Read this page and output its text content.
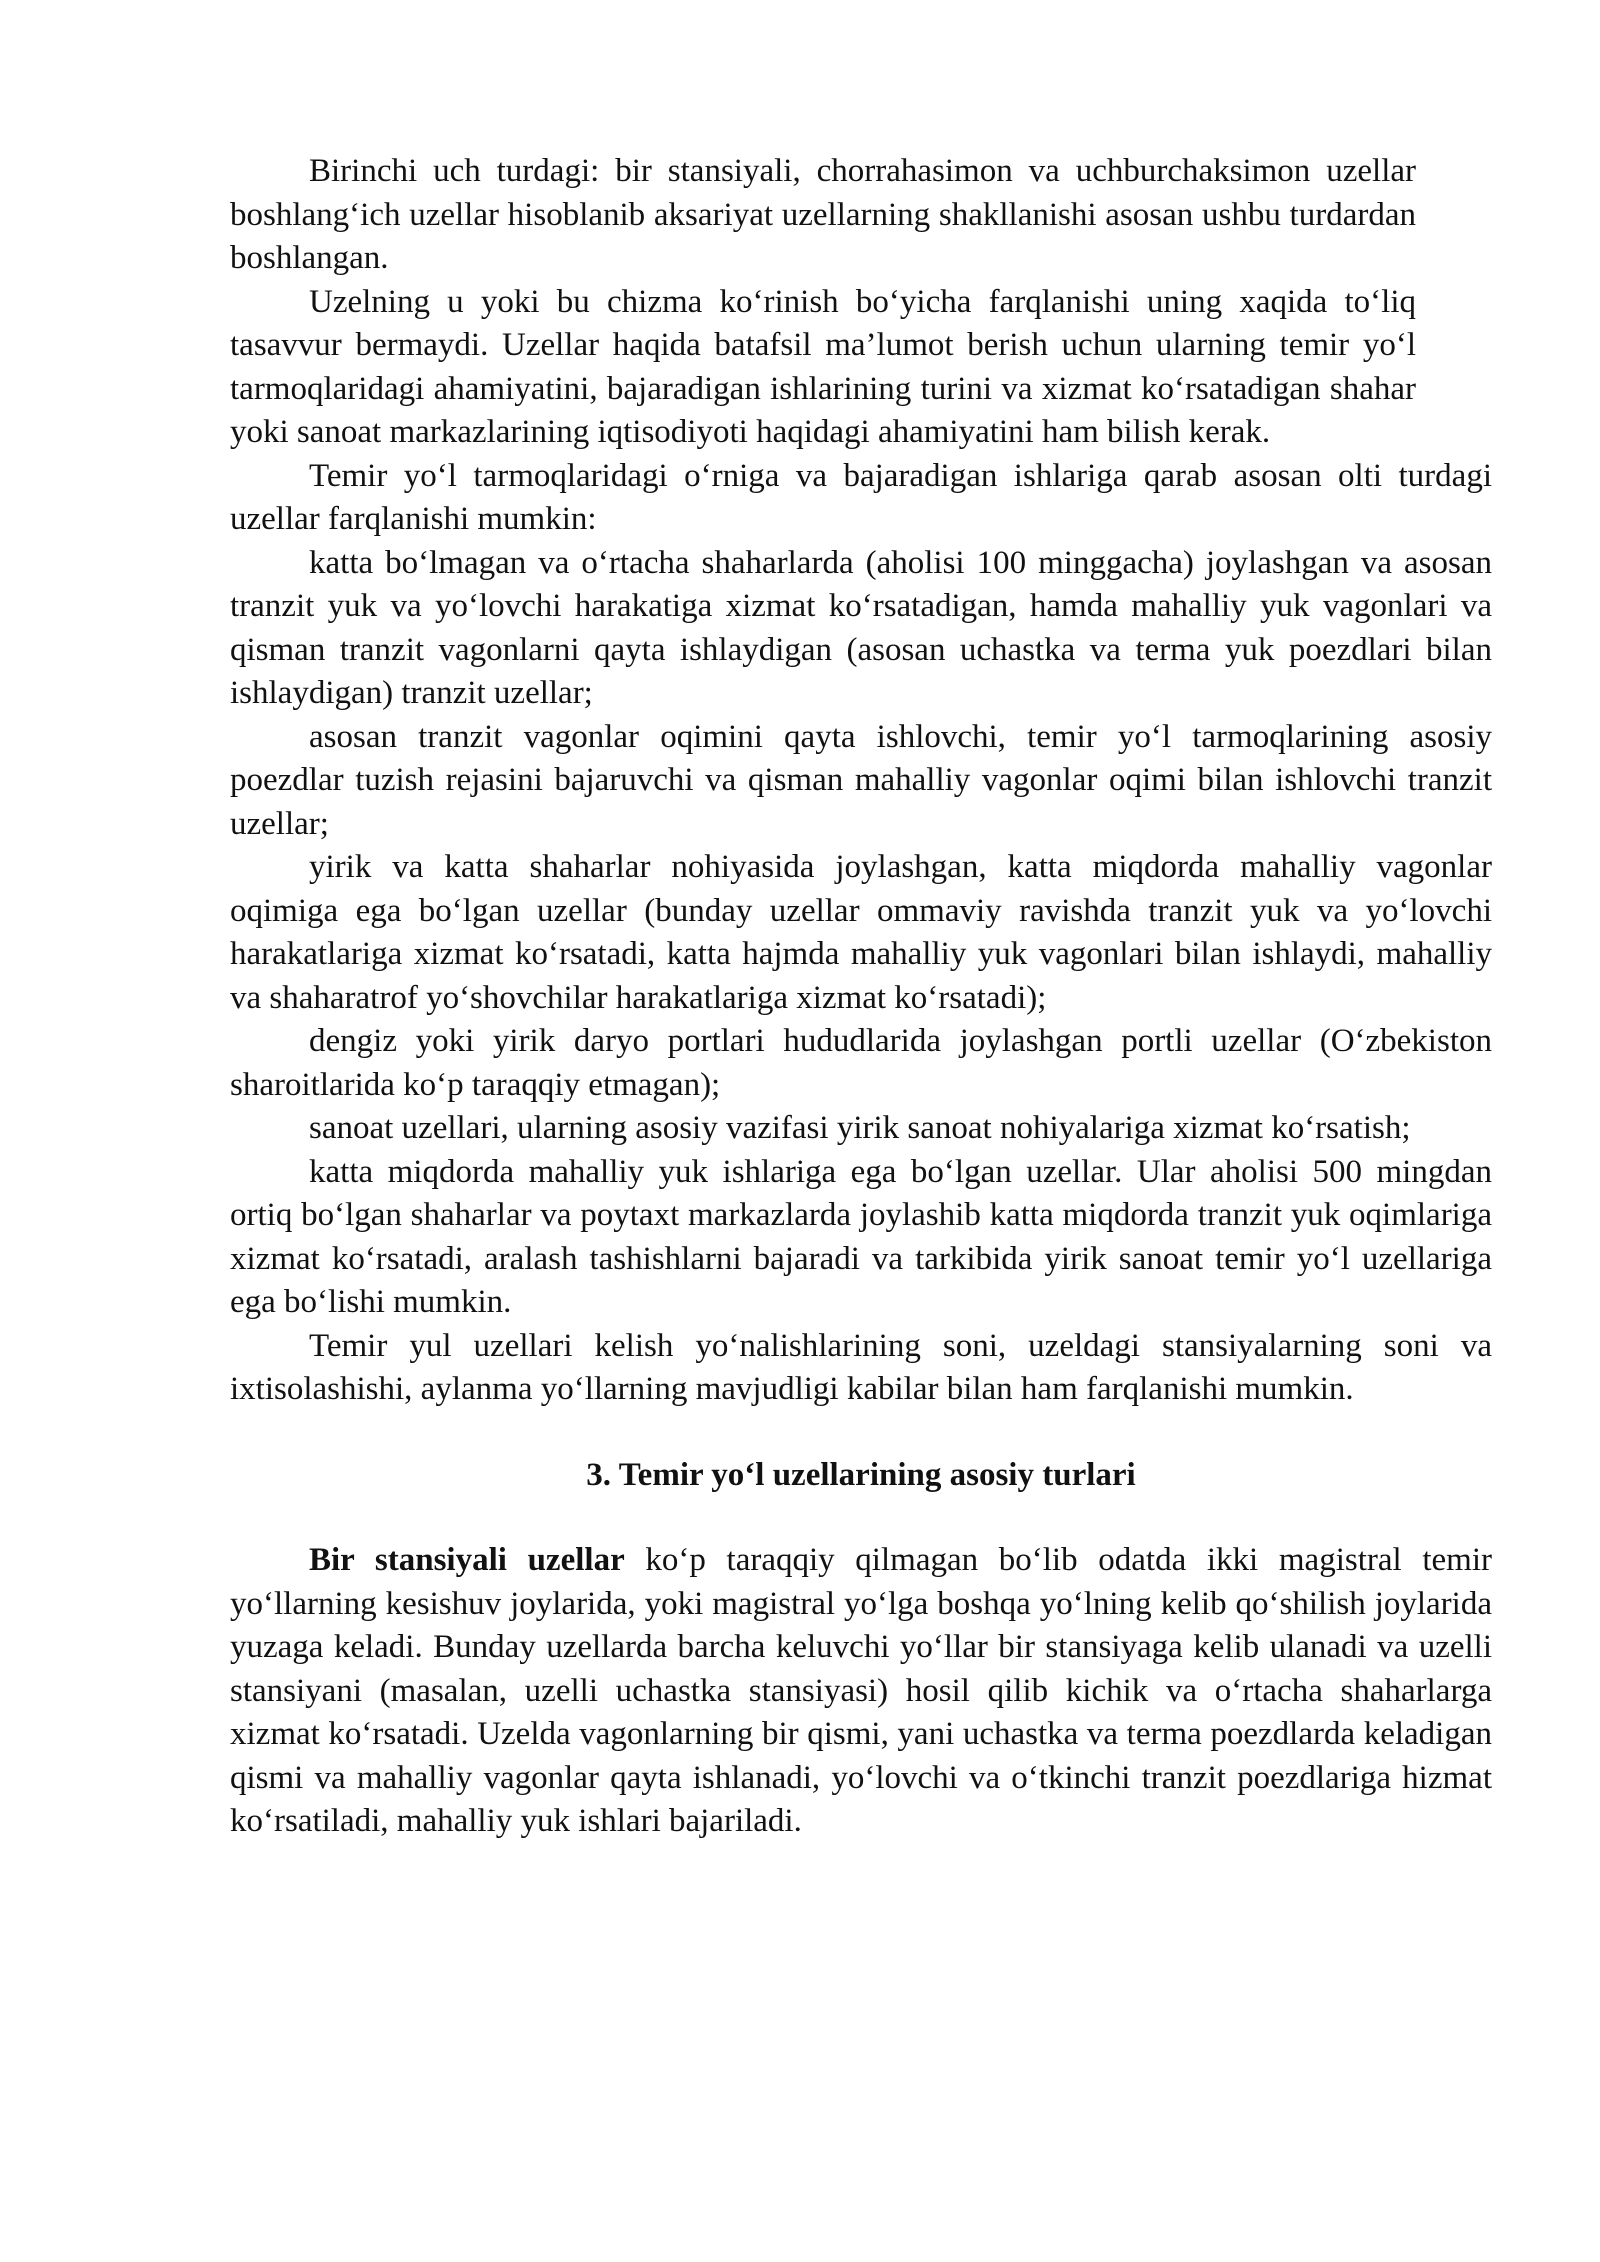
Birinchi uch turdagi: bir stansiyali, chorrahasimon va uchburchaksimon uzellar boshlang‘ich uzellar hisoblanib aksariyat uzellarning shakllanishi asosan ushbu turdardan boshlangan.

Uzelning u yoki bu chizma ko‘rinish bo‘yicha farqlanishi uning xaqida to‘liq tasavvur bermaydi. Uzellar haqida batafsil ma’lumot berish uchun ularning temir yo‘l tarmoqlaridagi ahamiyatini, bajaradigan ishlarining turini va xizmat ko‘rsatadigan shahar yoki sanoat markazlarining iqtisodiyoti haqidagi ahamiyatini ham bilish kerak.

Temir yo‘l tarmoqlaridagi o‘rniga va bajaradigan ishlariga qarab asosan olti turdagi uzellar farqlanishi mumkin:

katta bo‘lmagan va o‘rtacha shaharlarda (aholisi 100 minggacha) joylashgan va asosan tranzit yuk va yo‘lovchi harakatiga xizmat ko‘rsatadigan, hamda mahalliy yuk vagonlari va qisman tranzit vagonlarni qayta ishlaydigan (asosan uchastka va terma yuk poezdlari bilan ishlaydigan) tranzit uzellar;

asosan tranzit vagonlar oqimini qayta ishlovchi, temir yo‘l tarmoqlarining asosiy poezdlar tuzish rejasini bajaruvchi va qisman mahalliy vagonlar oqimi bilan ishlovchi tranzit uzellar;

yirik va katta shaharlar nohiyasida joylashgan, katta miqdorda mahalliy vagonlar oqimiga ega bo‘lgan uzellar (bunday uzellar ommaviy ravishda tranzit yuk va yo‘lovchi harakatlariga xizmat ko‘rsatadi, katta hajmda mahalliy yuk vagonlari bilan ishlaydi, mahalliy va shaharatrof yo‘shovchilar harakatlariga xizmat ko‘rsatadi);

dengiz yoki yirik daryo portlari hududlarida joylashgan portli uzellar (O‘zbekiston sharoitlarida ko‘p taraqqiy etmagan);

sanoat uzellari, ularning asosiy vazifasi yirik sanoat nohiyalariga xizmat ko‘rsatish;

katta miqdorda mahalliy yuk ishlariga ega bo‘lgan uzellar. Ular aholisi 500 mingdan ortiq bo‘lgan shaharlar va poytaxt markazlarda joylashib katta miqdorda tranzit yuk oqimlariga xizmat ko‘rsatadi, aralash tashishlarni bajaradi va tarkibida yirik sanoat temir yo‘l uzellariga ega bo‘lishi mumkin.

Temir yul uzellari kelish yo‘nalishlarining soni, uzeldagi stansiyalarning soni va ixtisolashishi, aylanma yo‘llarning mavjudligi kabilar bilan ham farqlanishi mumkin.

3. Temir yo‘l uzellarining asosiy turlari

Bir stansiyali uzellar ko‘p taraqqiy qilmagan bo‘lib odatda ikki magistral temir yo‘llarning kesishuv joylarida, yoki magistral yo‘lga boshqa yo‘lning kelib qo‘shilish joylarida yuzaga keladi. Bunday uzellarda barcha keluvchi yo‘llar bir stansiyaga kelib ulanadi va uzelli stansiyani (masalan, uzelli uchastka stansiyasi) hosil qilib kichik va o‘rtacha shaharlarga xizmat ko‘rsatadi. Uzelda vagonlarning bir qismi, yani uchastka va terma poezdlarda keladigan qismi va mahalliy vagonlar qayta ishlanadi, yo‘lovchi va o‘tkinchi tranzit poezdlariga hizmat ko‘rsatiladi, mahalliy yuk ishlari bajariladi.
